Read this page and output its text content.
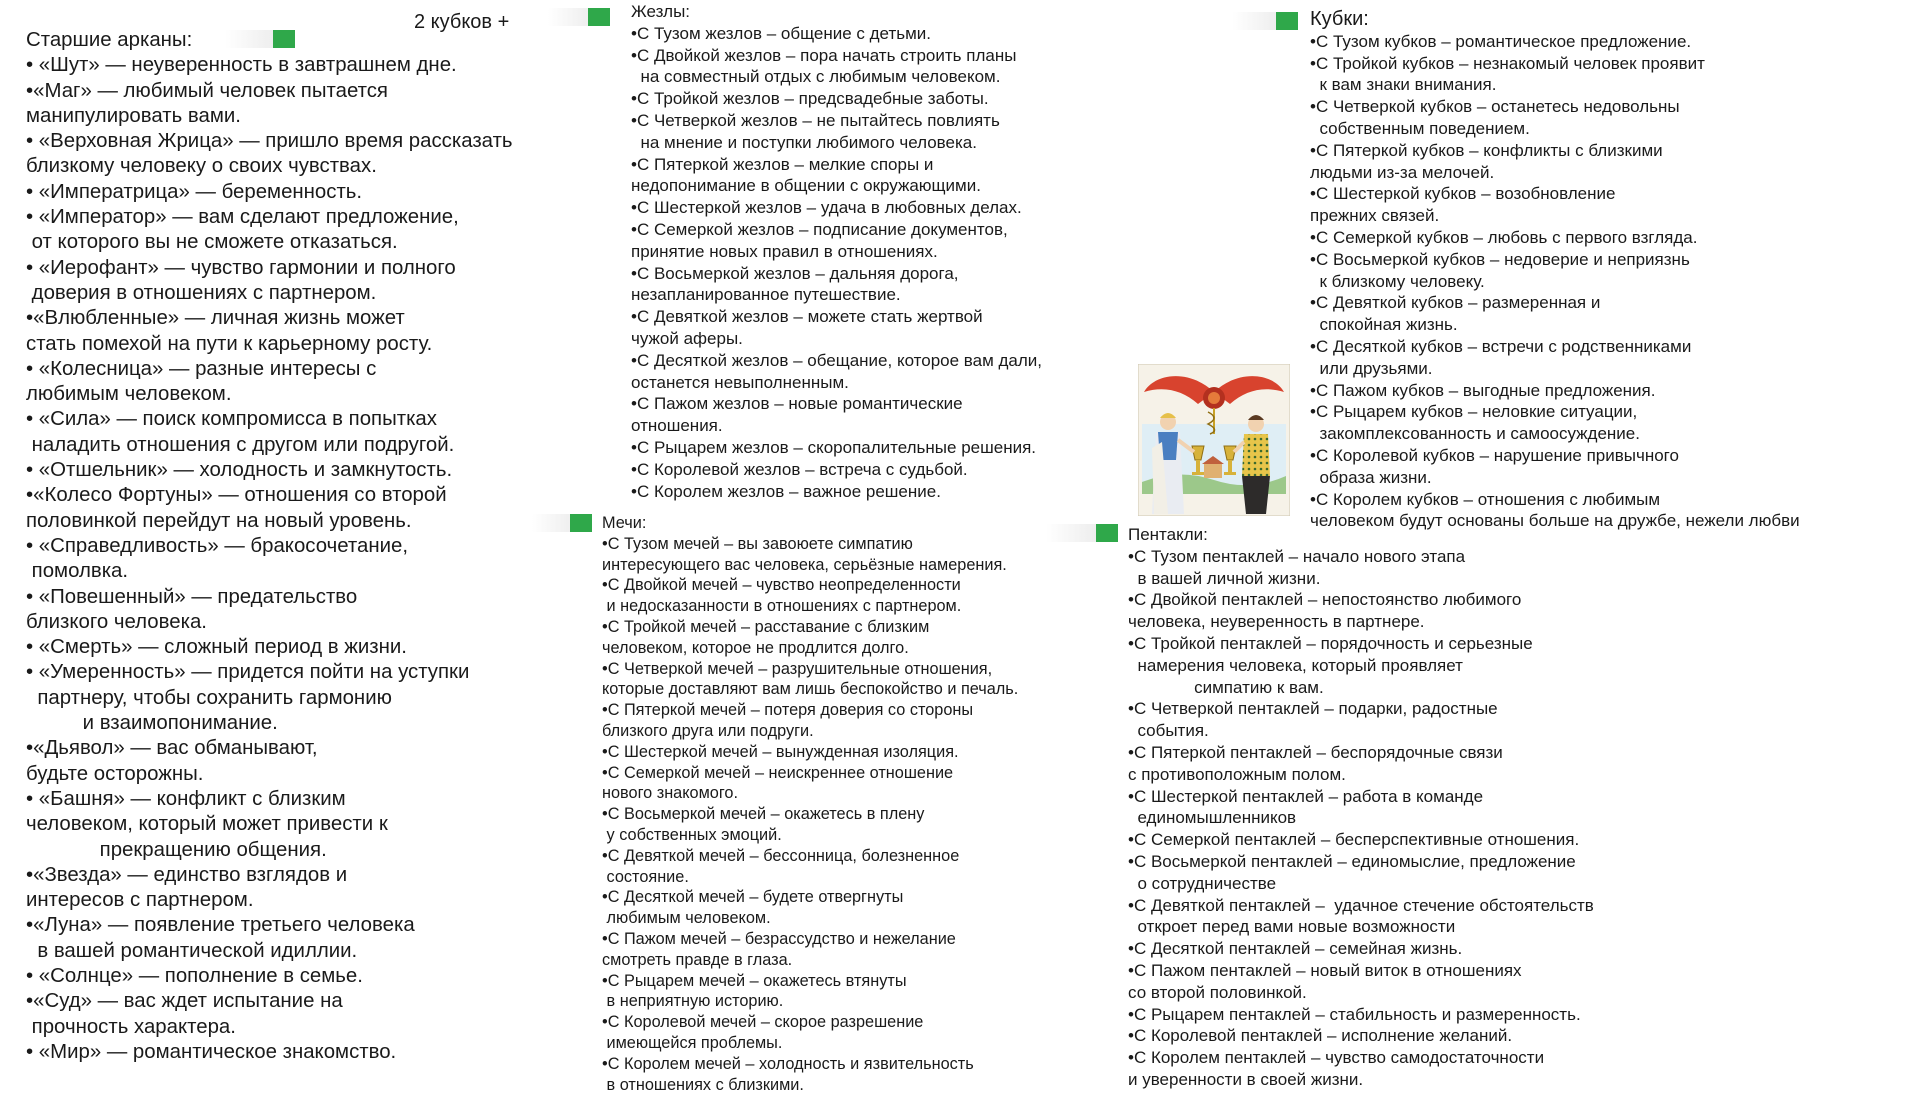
2 кубков +
Старшие арканы:
• «Шут» — неуверенность в завтрашнем дне.
•«Маг» — любимый человек пытается
манипулировать вами.
• «Верховная Жрица» — пришло время рассказать
близкому человеку о своих чувствах.
• «Императрица» — беременность.
• «Император» — вам сделают предложение,
от которого вы не сможете отказаться.
• «Иерофант» — чувство гармонии и полного
доверия в отношениях с партнером.
•«Влюбленные» — личная жизнь может
стать помехой на пути к карьерному росту.
• «Колесница» — разные интересы с
любимым человеком.
• «Сила» — поиск компромисса в попытках
наладить отношения с другом или подругой.
• «Отшельник» — холодность и замкнутость.
•«Колесо Фортуны» — отношения со второй
половинкой перейдут на новый уровень.
• «Справедливость» — бракосочетание,
помолвка.
• «Повешенный» — предательство
близкого человека.
• «Смерть» — сложный период в жизни.
• «Умеренность» — придется пойти на уступки
партнеру, чтобы сохранить гармонию
и взаимопонимание.
•«Дьявол» — вас обманывают,
будьте осторожны.
• «Башня» — конфликт с близким
человеком, который может привести к
прекращению общения.
•«Звезда» — единство взглядов и
интересов с партнером.
•«Луна» — появление третьего человека
в вашей романтической идиллии.
• «Солнце» — пополнение в семье.
•«Суд» — вас ждет испытание на
прочность характера.
• «Мир» — романтическое знакомство.
Жезлы:
•С Тузом жезлов – общение с детьми.
•С Двойкой жезлов – пора начать строить планы
на совместный отдых с любимым человеком.
•С Тройкой жезлов – предсвадебные заботы.
•С Четверкой жезлов – не пытайтесь повлиять
на мнение и поступки любимого человека.
•С Пятеркой жезлов – мелкие споры и
недопонимание в общении с окружающими.
•С Шестеркой жезлов – удача в любовных делах.
•С Семеркой жезлов – подписание документов,
принятие новых правил в отношениях.
•С Восьмеркой жезлов – дальняя дорога,
незапланированное путешествие.
•С Девяткой жезлов – можете стать жертвой
чужой аферы.
•С Десяткой жезлов – обещание, которое вам дали,
останется невыполненным.
•С Пажом жезлов – новые романтические
отношения.
•С Рыцарем жезлов – скоропалительные решения.
•С Королевой жезлов – встреча с судьбой.
•С Королем жезлов – важное решение.
Кубки:
•С Тузом кубков – романтическое предложение.
•С Тройкой кубков – незнакомый человек проявит
к вам знаки внимания.
•С Четверкой кубков – останетесь недовольны
собственным поведением.
•С Пятеркой кубков – конфликты с близкими
людьми из-за мелочей.
•С Шестеркой кубков – возобновление
прежних связей.
•С Семеркой кубков – любовь с первого взгляда.
•С Восьмеркой кубков – недоверие и неприязнь
к близкому человеку.
•С Девяткой кубков – размеренная и
спокойная жизнь.
•С Десяткой кубков – встречи с родственниками
или друзьями.
•С Пажом кубков – выгодные предложения.
•С Рыцарем кубков – неловкие ситуации,
закомплексованность и самоосуждение.
•С Королевой кубков – нарушение привычного
образа жизни.
•С Королем кубков – отношения с любимым
человеком будут основаны больше на дружбе, нежели любви
Мечи:
•С Тузом мечей – вы завоюете симпатию
интересующего вас человека, серьёзные намерения.
•С Двойкой мечей – чувство неопределенности
и недосказанности в отношениях с партнером.
•С Тройкой мечей – расставание с близким
человеком, которое не продлится долго.
•С Четверкой мечей – разрушительные отношения,
которые доставляют вам лишь беспокойство и печаль.
•С Пятеркой мечей – потеря доверия со стороны
близкого друга или подруги.
•С Шестеркой мечей – вынужденная изоляция.
•С Семеркой мечей – неискреннее отношение
нового знакомого.
•С Восьмеркой мечей – окажетесь в плену
у собственных эмоций.
•С Девяткой мечей – бессонница, болезненное
состояние.
•С Десяткой мечей – будете отвергнуты
любимым человеком.
•С Пажом мечей – безрассудство и нежелание
смотреть правде в глаза.
•С Рыцарем мечей – окажетесь втянуты
в неприятную историю.
•С Королевой мечей – скорое разрешение
имеющейся проблемы.
•С Королем мечей – холодность и язвительность
в отношениях с близкими.
Пентакли:
•С Тузом пентаклей – начало нового этапа
в вашей личной жизни.
•С Двойкой пентаклей – непостоянство любимого
человека, неуверенность в партнере.
•С Тройкой пентаклей – порядочность и серьезные
намерения человека, который проявляет
симпатию к вам.
•С Четверкой пентаклей – подарки, радостные
события.
•С Пятеркой пентаклей – беспорядочные связи
с противоположным полом.
•С Шестеркой пентаклей – работа в команде
единомышленников
•С Семеркой пентаклей – бесперспективные отношения.
•С Восьмеркой пентаклей – единомыслие, предложение
о сотрудничестве
•С Девяткой пентаклей –  удачное стечение обстоятельств
откроет перед вами новые возможности
•С Десяткой пентаклей – семейная жизнь.
•С Пажом пентаклей – новый виток в отношениях
со второй половинкой.
•С Рыцарем пентаклей – стабильность и размеренность.
•С Королевой пентаклей – исполнение желаний.
•С Королем пентаклей – чувство самодостаточности
и уверенности в своей жизни.
